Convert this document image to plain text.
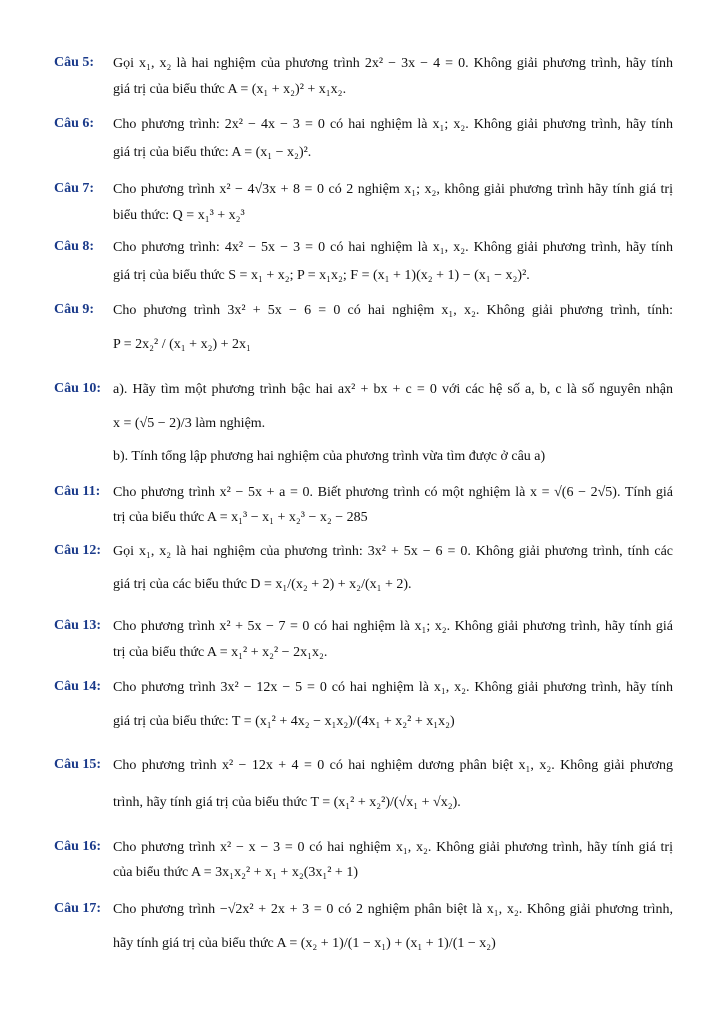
Câu 5: Gọi x₁, x₂ là hai nghiệm của phương trình 2x² − 3x − 4 = 0. Không giải phương trình, hãy tính
giá trị của biểu thức A = (x₁ + x₂)² + x₁x₂.
Câu 6: Cho phương trình: 2x² − 4x − 3 = 0 có hai nghiệm là x₁; x₂. Không giải phương trình, hãy tính
giá trị của biểu thức: A = (x₁ − x₂)².
Câu 7: Cho phương trình x² − 4√3x + 8 = 0 có 2 nghiệm x₁; x₂, không giải phương trình hãy tính giá trị
biểu thức: Q = x₁³ + x₂³
Câu 8: Cho phương trình: 4x² − 5x − 3 = 0 có hai nghiệm là x₁, x₂. Không giải phương trình, hãy tính
giá trị của biểu thức S = x₁ + x₂; P = x₁x₂; F = (x₁ + 1)(x₂ + 1) − (x₁ − x₂)².
Câu 9: Cho phương trình 3x² + 5x − 6 = 0 có hai nghiệm x₁, x₂. Không giải phương trình, tính:
P = 2x₂² / (x₁ + x₂) + 2x₁
Câu 10: a). Hãy tìm một phương trình bậc hai ax² + bx + c = 0 với các hệ số a, b, c là số nguyên nhận
x = (√5 − 2)/3 làm nghiệm.
b). Tính tổng lập phương hai nghiệm của phương trình vừa tìm được ở câu a)
Câu 11: Cho phương trình x² − 5x + a = 0. Biết phương trình có một nghiệm là x = √(6 − 2√5). Tính giá
trị của biểu thức A = x₁³ − x₁ + x₂³ − x₂ − 285
Câu 12: Gọi x₁, x₂ là hai nghiệm của phương trình: 3x² + 5x − 6 = 0. Không giải phương trình, tính các
giá trị của các biểu thức D = x₁/(x₂ + 2) + x₂/(x₁ + 2).
Câu 13: Cho phương trình x² + 5x − 7 = 0 có hai nghiệm là x₁; x₂. Không giải phương trình, hãy tính giá
trị của biểu thức A = x₁² + x₂² − 2x₁x₂.
Câu 14: Cho phương trình 3x² − 12x − 5 = 0 có hai nghiệm là x₁, x₂. Không giải phương trình, hãy tính
giá trị của biểu thức: T = (x₁² + 4x₂ − x₁x₂)/(4x₁ + x₂² + x₁x₂)
Câu 15: Cho phương trình x² − 12x + 4 = 0 có hai nghiệm dương phân biệt x₁, x₂. Không giải phương
trình, hãy tính giá trị của biểu thức T = (x₁² + x₂²)/(√x₁ + √x₂).
Câu 16: Cho phương trình x² − x − 3 = 0 có hai nghiệm x₁, x₂. Không giải phương trình, hãy tính giá trị
của biểu thức A = 3x₁x₂² + x₁ + x₂(3x₁² + 1)
Câu 17: Cho phương trình −√2x² + 2x + 3 = 0 có 2 nghiệm phân biệt là x₁, x₂. Không giải phương trình,
hãy tính giá trị của biểu thức A = (x₂ + 1)/(1 − x₁) + (x₁ + 1)/(1 − x₂)
